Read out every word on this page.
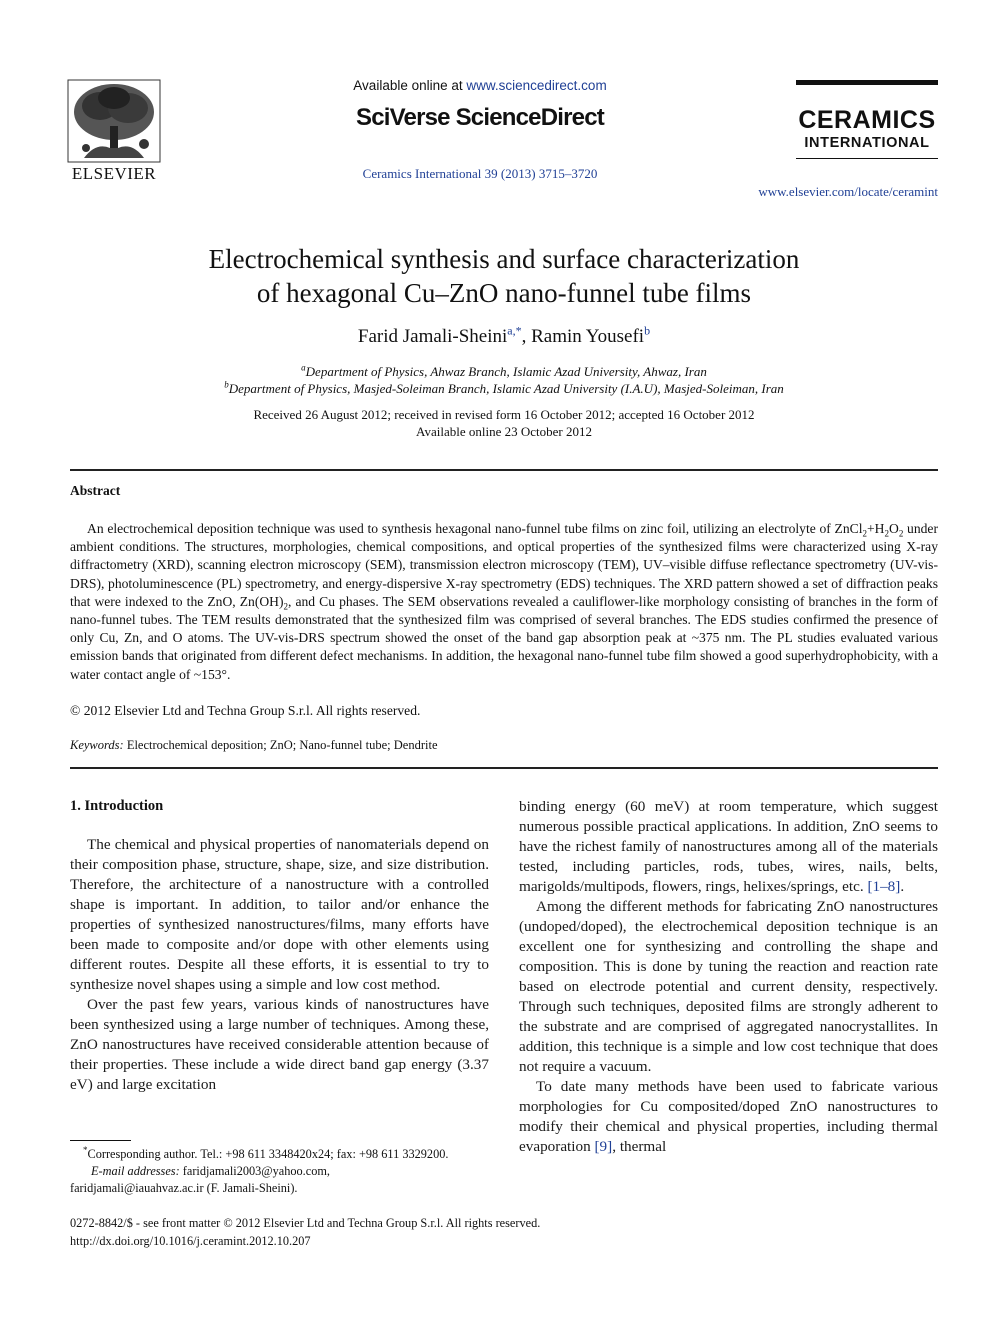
ELSEVIER
Available online at www.sciencedirect.com
SciVerse ScienceDirect
Ceramics International 39 (2013) 3715–3720
CERAMICS
INTERNATIONAL
www.elsevier.com/locate/ceramint
Electrochemical synthesis and surface characterization
of hexagonal Cu–ZnO nano-funnel tube films
Farid Jamali-Sheini$^{a,*}$, Ramin Yousefi$^b$
$^a$Department of Physics, Ahwaz Branch, Islamic Azad University, Ahwaz, Iran
$^b$Department of Physics, Masjed-Soleiman Branch, Islamic Azad University (I.A.U), Masjed-Soleiman, Iran
Received 26 August 2012; received in revised form 16 October 2012; accepted 16 October 2012
Available online 23 October 2012
Abstract
An electrochemical deposition technique was used to synthesis hexagonal nano-funnel tube films on zinc foil, utilizing an electrolyte of $ZnCl_2+H_2O_2$ under ambient conditions. The structures, morphologies, chemical compositions, and optical properties of the synthesized films were characterized using X-ray diffractometry (XRD), scanning electron microscopy (SEM), transmission electron microscopy (TEM), UV–visible diffuse reflectance spectrometry (UV-vis-DRS), photoluminescence (PL) spectrometry, and energy-dispersive X-ray spectrometry (EDS) techniques. The XRD pattern showed a set of diffraction peaks that were indexed to the ZnO, $Zn(OH)_2$, and Cu phases. The SEM observations revealed a cauliflower-like morphology consisting of branches in the form of nano-funnel tubes. The TEM results demonstrated that the synthesized film was comprised of several branches. The EDS studies confirmed the presence of only Cu, Zn, and O atoms. The UV-vis-DRS spectrum showed the onset of the band gap absorption peak at ~375 nm. The PL studies evaluated various emission bands that originated from different defect mechanisms. In addition, the hexagonal nano-funnel tube film showed a good superhydrophobicity, with a water contact angle of ~153°.
© 2012 Elsevier Ltd and Techna Group S.r.l. All rights reserved.
Keywords: Electrochemical deposition; ZnO; Nano-funnel tube; Dendrite
1. Introduction

The chemical and physical properties of nanomaterials depend on their composition phase, structure, shape, size, and size distribution. Therefore, the architecture of a nanostructure with a controlled shape is important. In addition, to tailor and/or enhance the properties of synthesized nanostructures/films, many efforts have been made to composite and/or dope with other elements using different routes. Despite all these efforts, it is essential to try to synthesize novel shapes using a simple and low cost method.

Over the past few years, various kinds of nanostructures have been synthesized using a large number of techniques. Among these, ZnO nanostructures have received considerable attention because of their properties. These include a wide direct band gap energy (3.37 eV) and large excitation

*Corresponding author. Tel.: +98 611 3348420x24; fax: +98 611 3329200.
E-mail addresses: faridjamali2003@yahoo.com,
faridjamali@iauahvaz.ac.ir (F. Jamali-Sheini).

binding energy (60 meV) at room temperature, which suggest numerous possible practical applications. In addition, ZnO seems to have the richest family of nanostructures among all of the materials tested, including particles, rods, tubes, wires, nails, belts, marigolds/multipods, flowers, rings, helixes/springs, etc. [1–8].

Among the different methods for fabricating ZnO nanostructures (undoped/doped), the electrochemical deposition technique is an excellent one for synthesizing and controlling the shape and composition. This is done by tuning the reaction and reaction rate based on electrode potential and current density, respectively. Through such techniques, deposited films are strongly adherent to the substrate and are comprised of aggregated nanocrystallites. In addition, this technique is a simple and low cost technique that does not require a vacuum.

To date many methods have been used to fabricate various morphologies for Cu composited/doped ZnO nanostructures to modify their chemical and physical properties, including thermal evaporation [9], thermal

0272-8842/$ - see front matter © 2012 Elsevier Ltd and Techna Group S.r.l. All rights reserved.
http://dx.doi.org/10.1016/j.ceramint.2012.10.207
